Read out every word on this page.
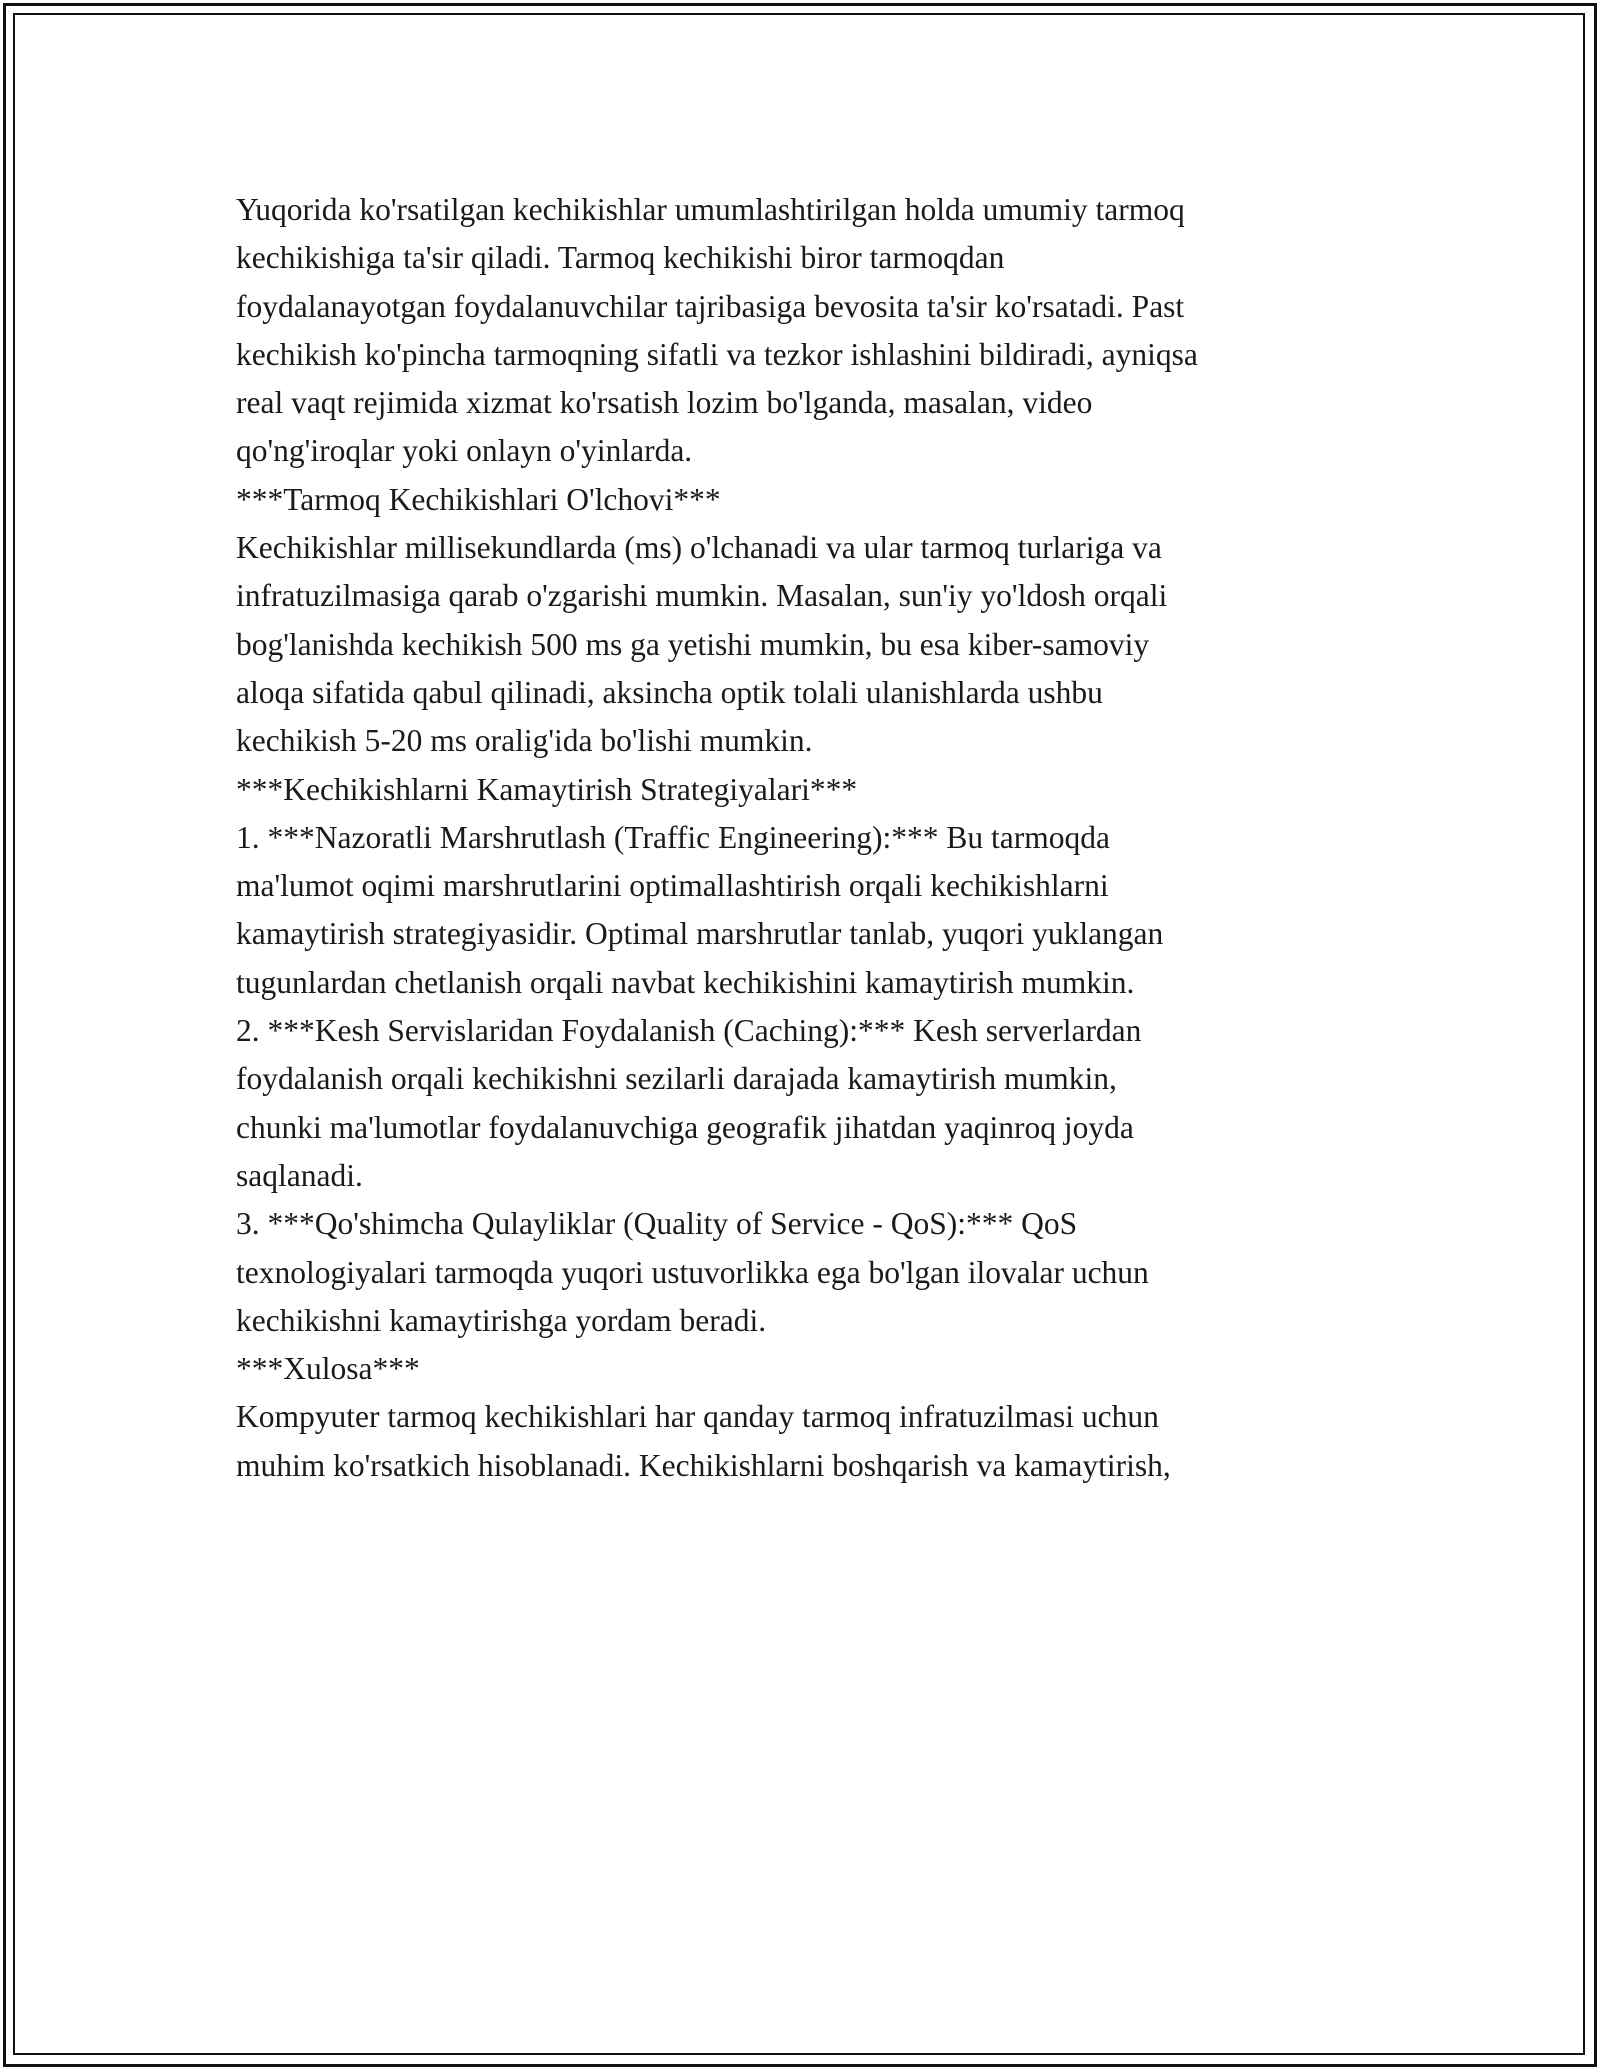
Yuqorida ko'rsatilgan kechikishlar umumlashtirilgan holda umumiy tarmoq

kechikishiga ta'sir qiladi. Tarmoq kechikishi biror tarmoqdan

foydalanayotgan foydalanuvchilar tajribasiga bevosita ta'sir ko'rsatadi. Past

kechikish ko'pincha tarmoqning sifatli va tezkor ishlashini bildiradi, ayniqsa

real vaqt rejimida xizmat ko'rsatish lozim bo'lganda, masalan, video

qo'ng'iroqlar yoki onlayn o'yinlarda.

***Tarmoq Kechikishlari O'lchovi***

Kechikishlar millisekundlarda (ms) o'lchanadi va ular tarmoq turlariga va

infratuzilmasiga qarab o'zgarishi mumkin. Masalan, sun'iy yo'ldosh orqali

bog'lanishda kechikish 500 ms ga yetishi mumkin, bu esa kiber-samoviy

aloqa sifatida qabul qilinadi, aksincha optik tolali ulanishlarda ushbu

kechikish 5-20 ms oralig'ida bo'lishi mumkin.

***Kechikishlarni Kamaytirish Strategiyalari***

1. ***Nazoratli Marshrutlash (Traffic Engineering):*** Bu tarmoqda

ma'lumot oqimi marshrutlarini optimallashtirish orqali kechikishlarni

kamaytirish strategiyasidir. Optimal marshrutlar tanlab, yuqori yuklangan

tugunlardan chetlanish orqali navbat kechikishini kamaytirish mumkin.

2. ***Kesh Servislaridan Foydalanish (Caching):*** Kesh serverlardan

foydalanish orqali kechikishni sezilarli darajada kamaytirish mumkin,

chunki ma'lumotlar foydalanuvchiga geografik jihatdan yaqinroq joyda

saqlanadi.

3. ***Qo'shimcha Qulayliklar (Quality of Service - QoS):*** QoS

texnologiyalari tarmoqda yuqori ustuvorlikka ega bo'lgan ilovalar uchun

kechikishni kamaytirishga yordam beradi.

***Xulosa***

Kompyuter tarmoq kechikishlari har qanday tarmoq infratuzilmasi uchun

muhim ko'rsatkich hisoblanadi. Kechikishlarni boshqarish va kamaytirish,
